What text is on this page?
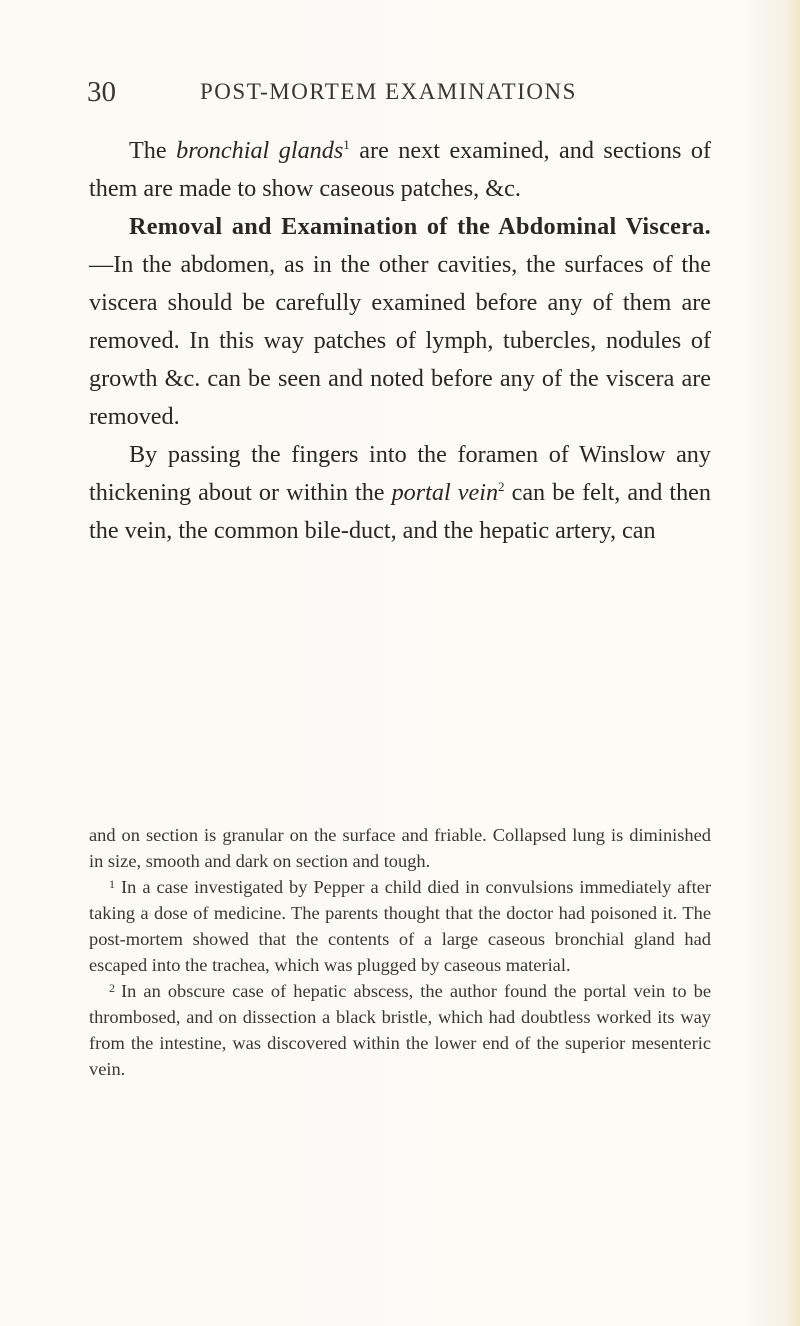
30	POST-MORTEM EXAMINATIONS

The bronchial glands$^1$ are next examined, and sections of them are made to show caseous patches, &c.

Removal and Examination of the Abdominal Viscera.—In the abdomen, as in the other cavities, the surfaces of the viscera should be carefully examined before any of them are removed. In this way patches of lymph, tubercles, nodules of growth &c. can be seen and noted before any of the viscera are removed.

By passing the fingers into the foramen of Winslow any thickening about or within the portal vein$^2$ can be felt, and then the vein, the common bile-duct, and the hepatic artery, can

and on section is granular on the surface and friable. Collapsed lung is diminished in size, smooth and dark on section and tough.

$^1$ In a case investigated by Pepper a child died in convulsions immediately after taking a dose of medicine. The parents thought that the doctor had poisoned it. The post-mortem showed that the contents of a large caseous bronchial gland had escaped into the trachea, which was plugged by caseous material.

$^2$ In an obscure case of hepatic abscess, the author found the portal vein to be thrombosed, and on dissection a black bristle, which had doubtless worked its way from the intestine, was discovered within the lower end of the superior mesenteric vein.
